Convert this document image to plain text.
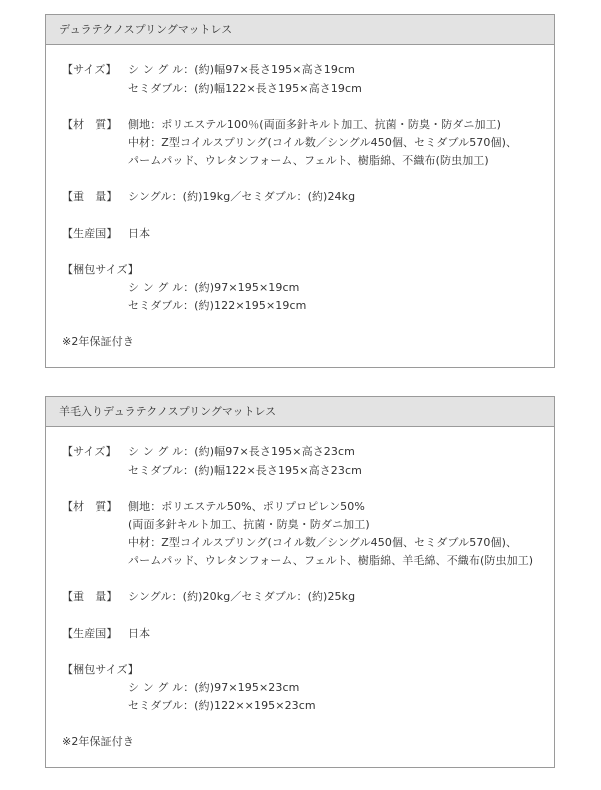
デュラテクノスプリングマットレス
【サイズ】 シ ン グ ル：(約)幅97×長さ195×高さ19cm
セミダブル：(約)幅122×長さ195×高さ19cm
【材　質】 側地：ポリエステル100％(両面多針キルト加工、抗菌・防臭・防ダニ加工)
中材：Z型コイルスプリング(コイル数／シングル450個、セミダブル570個)、
パームパッド、ウレタンフォーム、フェルト、樹脂綿、不織布(防虫加工)
【重　量】 シングル：(約)19kg／セミダブル：(約)24kg
【生産国】 日本
【梱包サイズ】
シ ン グ ル：(約)97×195×19cm
セミダブル：(約)122×195×19cm
※2年保証付き
羊毛入りデュラテクノスプリングマットレス
【サイズ】 シ ン グ ル：(約)幅97×長さ195×高さ23cm
セミダブル：(約)幅122×長さ195×高さ23cm
【材　質】 側地：ポリエステル50%、ポリプロピレン50%
(両面多針キルト加工、抗菌・防臭・防ダニ加工)
中材：Z型コイルスプリング(コイル数／シングル450個、セミダブル570個)、
パームパッド、ウレタンフォーム、フェルト、樹脂綿、羊毛綿、不織布(防虫加工)
【重　量】 シングル：(約)20kg／セミダブル：(約)25kg
【生産国】 日本
【梱包サイズ】
シ ン グ ル：(約)97×195×23cm
セミダブル：(約)122××195×23cm
※2年保証付き
